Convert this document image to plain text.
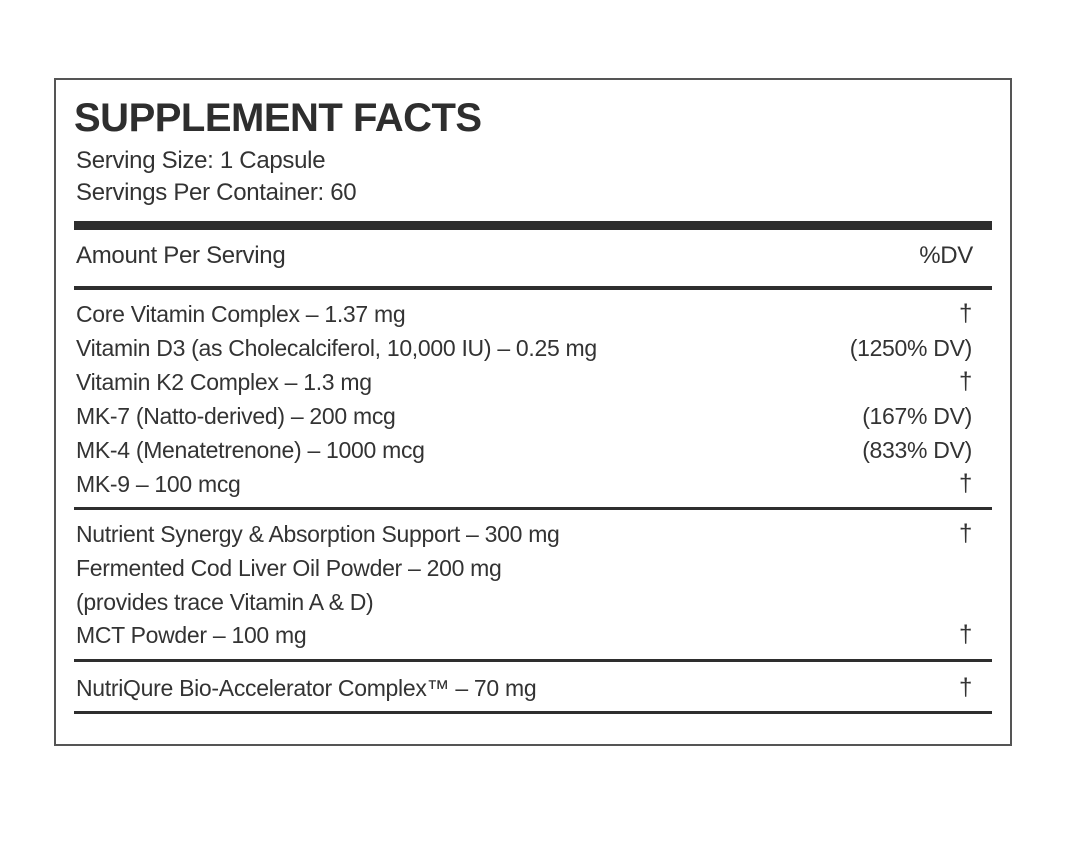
SUPPLEMENT FACTS
Serving Size: 1 Capsule
Servings Per Container: 60
Amount Per Serving	%DV
Core Vitamin Complex – 1.37 mg	†
Vitamin D3 (as Cholecalciferol, 10,000 IU) – 0.25 mg	(1250% DV)
Vitamin K2 Complex – 1.3 mg	†
MK-7 (Natto-derived) – 200 mcg	(167% DV)
MK-4 (Menatetrenone) – 1000 mcg	(833% DV)
MK-9 – 100 mcg	†
Nutrient Synergy & Absorption Support – 300 mg	†
Fermented Cod Liver Oil Powder – 200 mg
(provides trace Vitamin A & D)
MCT Powder – 100 mg	†
NutriQure Bio-Accelerator Complex™ – 70 mg	†
